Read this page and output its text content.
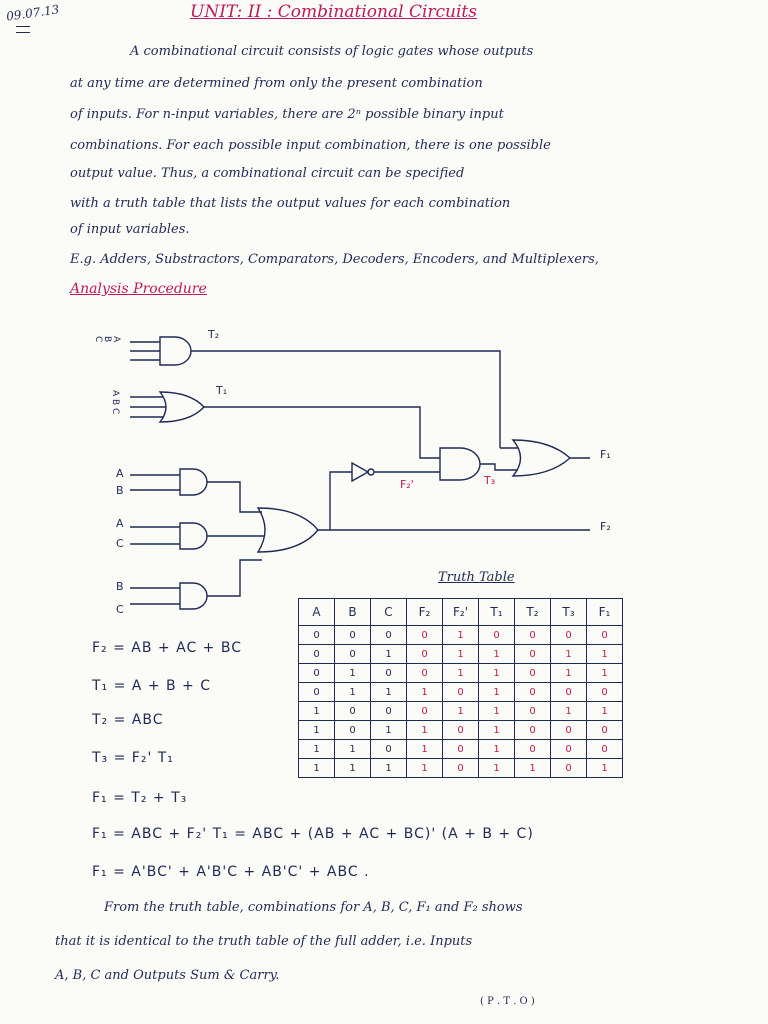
09.07.13	UNIT: II : Combinational Circuits
A combinational circuit consists of logic gates whose outputs
at any time are determined from only the present combination
of inputs. For n-input variables, there are 2ⁿ possible binary input
combinations. For each possible input combination, there is one possible
output value. Thus, a combinational circuit can be specified
with a truth table that lists the output values for each combination
of input variables.
E.g. Adders, Substractors, Comparators, Decoders, Encoders, and Multiplexers,
Analysis Procedure
A B C
A B C
T₂
T₁
F₂'	T₃
F₁
F₂
A
B
A
C
B
C
Truth Table
A	B	C	F₂	F₂'	T₁	T₂	T₃	F₁
0	0	0	0	1	0	0	0	0
0	0	1	0	1	1	0	1	1
0	1	0	0	1	1	0	1	1
0	1	1	1	0	1	0	0	0
1	0	0	0	1	1	0	1	1
1	0	1	1	0	1	0	0	0
1	1	0	1	0	1	0	0	0
1	1	1	1	0	1	1	0	1
F₂ = AB + AC + BC
T₁ = A + B + C
T₂ = ABC
T₃ = F₂' T₁
F₁ = T₂ + T₃
F₁ = ABC + F₂' T₁ = ABC + (AB + AC + BC)' (A + B + C)
F₁ = A'BC' + A'B'C + AB'C' + ABC .
From the truth table, combinations for A, B, C, F₁ and F₂ shows
that it is identical to the truth table of the full adder, i.e. Inputs
A, B, C and Outputs Sum & Carry.
( P . T . O )
